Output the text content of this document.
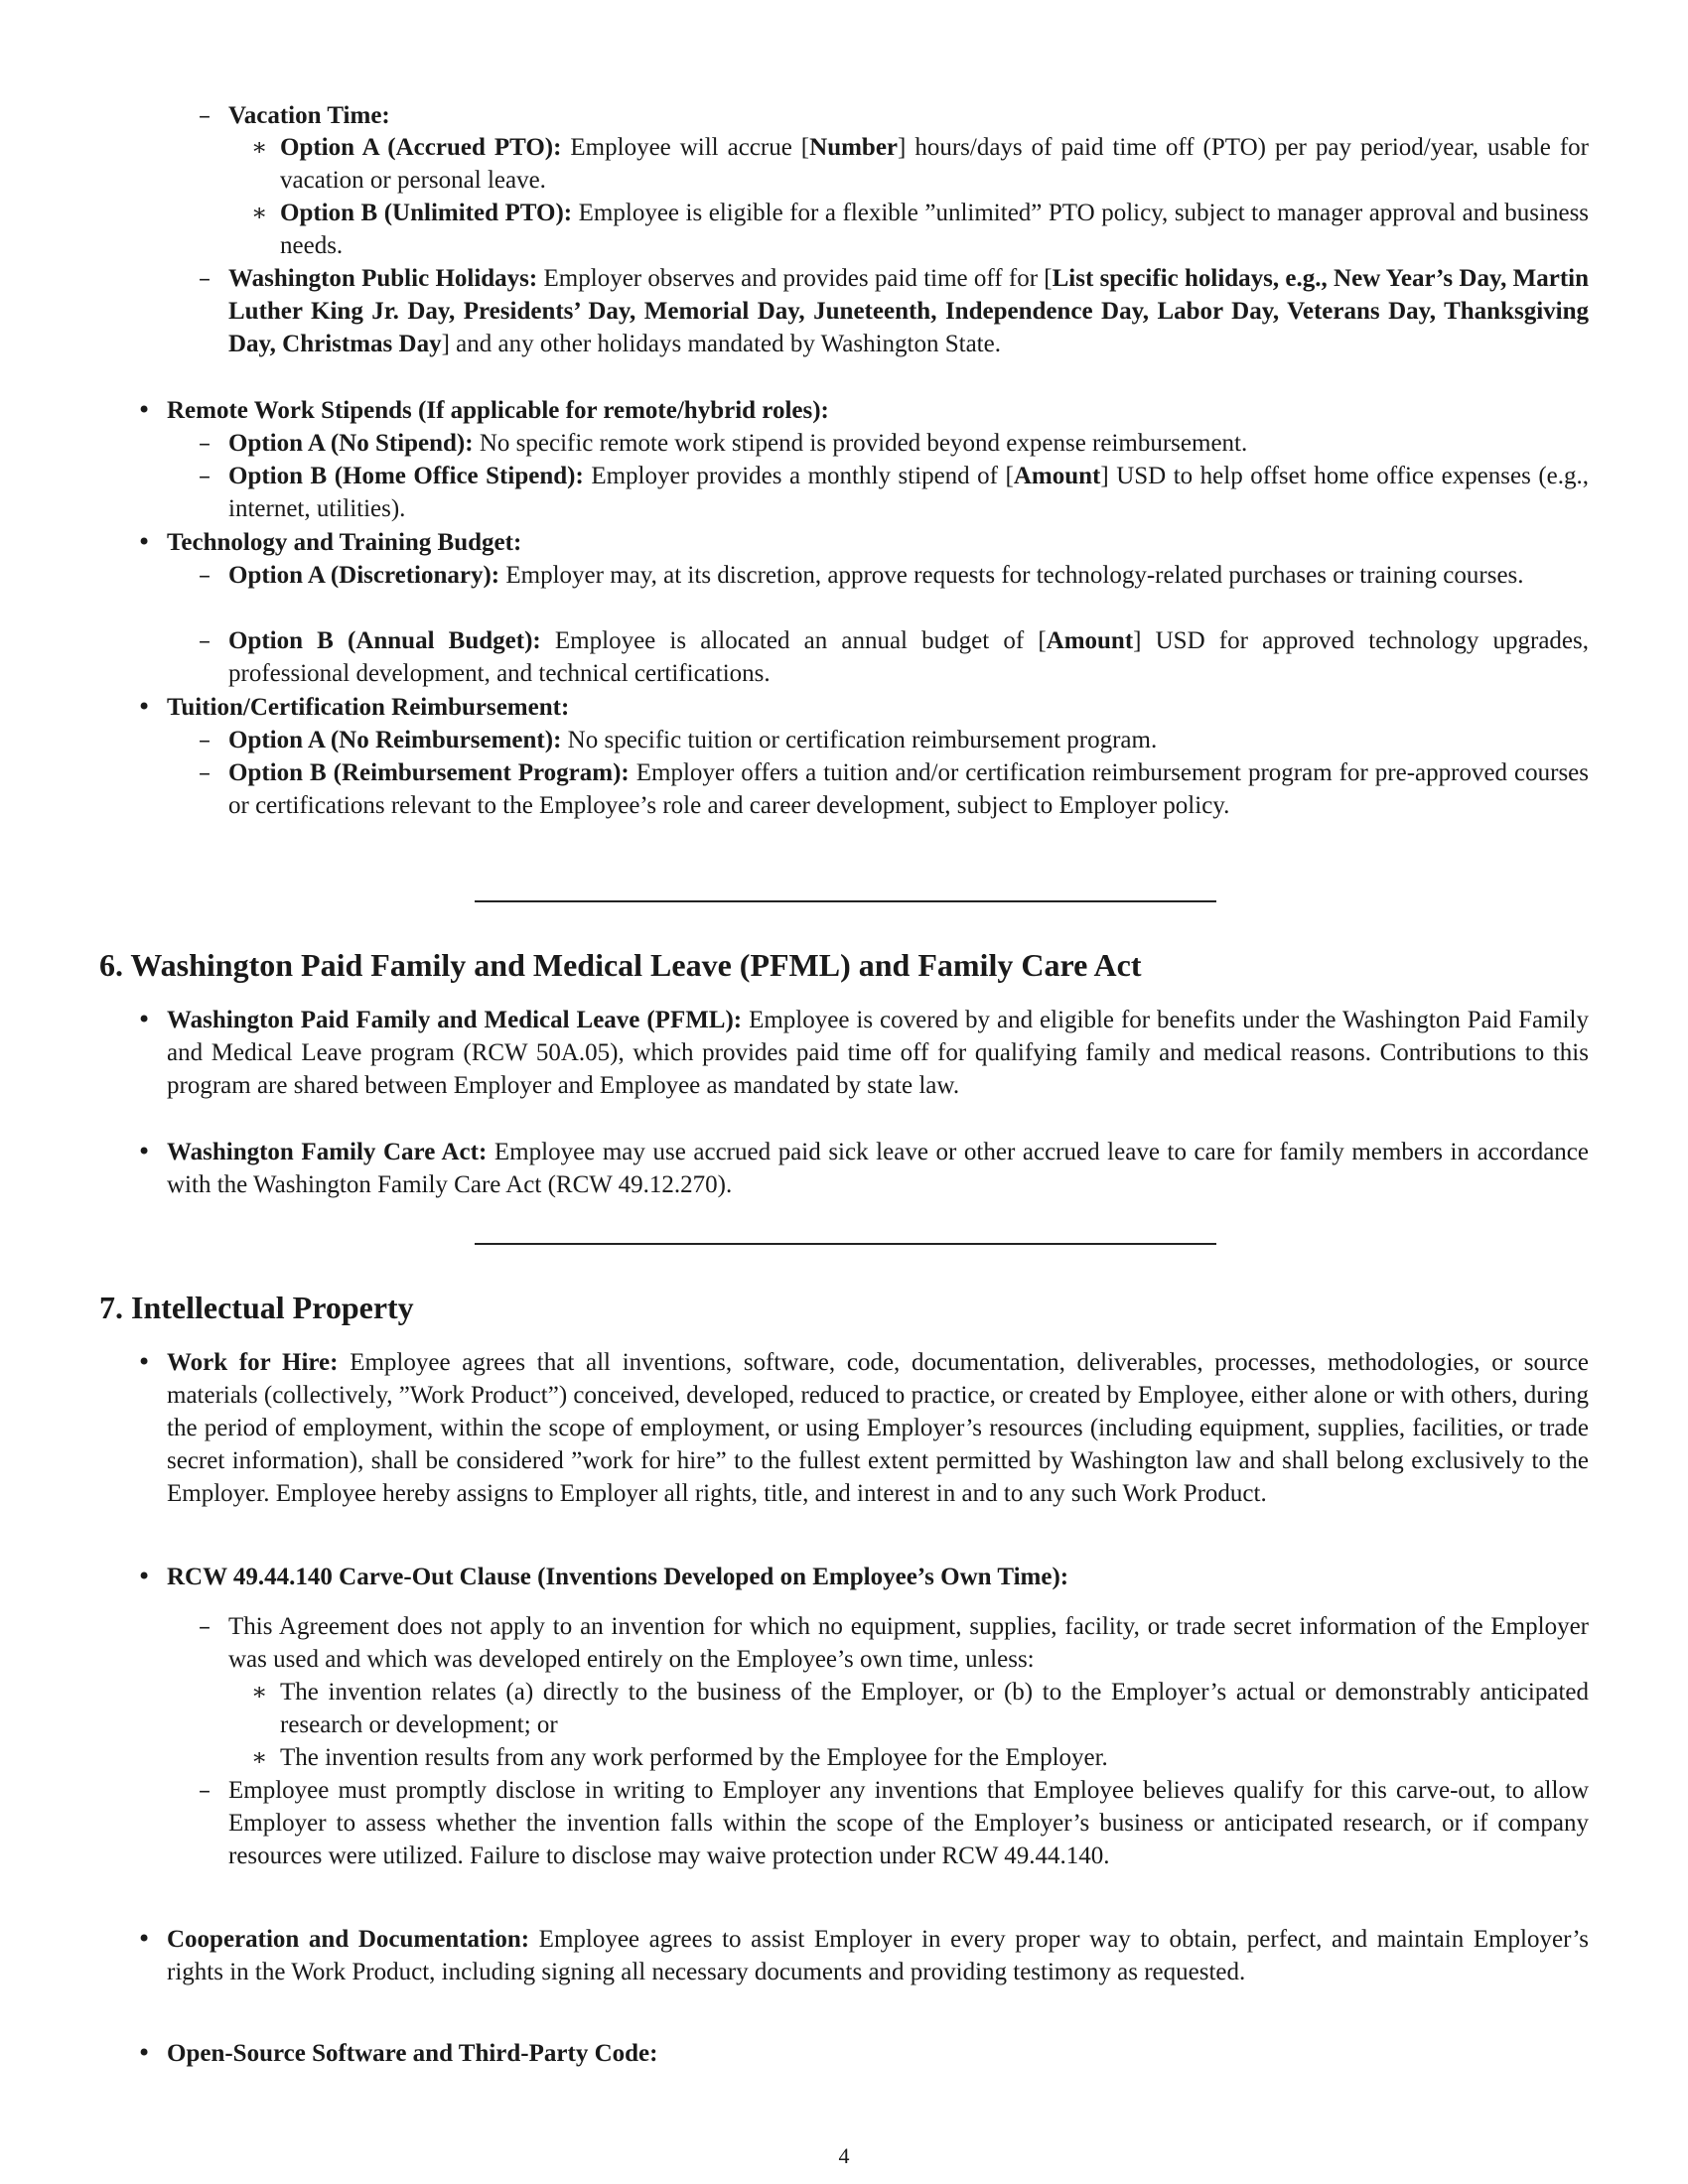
– Vacation Time:

∗ Option A (Accrued PTO): Employee will accrue [Number] hours/days of paid time off (PTO) per pay period/year, usable for vacation or personal leave.

∗ Option B (Unlimited PTO): Employee is eligible for a flexible ”unlimited” PTO policy, subject to manager approval and business needs.

– Washington Public Holidays: Employer observes and provides paid time off for [List specific holidays, e.g., New Year’s Day, Martin Luther King Jr. Day, Presidents’ Day, Memorial Day, Juneteenth, Independence Day, Labor Day, Veterans Day, Thanksgiving Day, Christmas Day] and any other holidays mandated by Washington State.

• Remote Work Stipends (If applicable for remote/hybrid roles):

– Option A (No Stipend): No specific remote work stipend is provided beyond expense reimbursement.

– Option B (Home Office Stipend): Employer provides a monthly stipend of [Amount] USD to help offset home office expenses (e.g., internet, utilities).

• Technology and Training Budget:

– Option A (Discretionary): Employer may, at its discretion, approve requests for technology-related purchases or training courses.

– Option B (Annual Budget): Employee is allocated an annual budget of [Amount] USD for approved technology upgrades, professional development, and technical certifications.

• Tuition/Certification Reimbursement:

– Option A (No Reimbursement): No specific tuition or certification reimbursement program.

– Option B (Reimbursement Program): Employer offers a tuition and/or certification reimbursement program for pre-approved courses or certifications relevant to the Employee’s role and career development, subject to Employer policy.

6. Washington Paid Family and Medical Leave (PFML) and Family Care Act
• Washington Paid Family and Medical Leave (PFML): Employee is covered by and eligible for benefits under the Washington Paid Family and Medical Leave program (RCW 50A.05), which provides paid time off for qualifying family and medical reasons. Contributions to this program are shared between Employer and Employee as mandated by state law.

• Washington Family Care Act: Employee may use accrued paid sick leave or other accrued leave to care for family members in accordance with the Washington Family Care Act (RCW 49.12.270).

7. Intellectual Property
• Work for Hire: Employee agrees that all inventions, software, code, documentation, deliverables, processes, methodologies, or source materials (collectively, ”Work Product”) conceived, developed, reduced to practice, or created by Employee, either alone or with others, during the period of employment, within the scope of employment, or using Employer’s resources (including equipment, supplies, facilities, or trade secret information), shall be considered ”work for hire” to the fullest extent permitted by Washington law and shall belong exclusively to the Employer. Employee hereby assigns to Employer all rights, title, and interest in and to any such Work Product.

• RCW 49.44.140 Carve-Out Clause (Inventions Developed on Employee’s Own Time):

– This Agreement does not apply to an invention for which no equipment, supplies, facility, or trade secret information of the Employer was used and which was developed entirely on the Employee’s own time, unless:

∗ The invention relates (a) directly to the business of the Employer, or (b) to the Employer’s actual or demonstrably anticipated research or development; or

∗ The invention results from any work performed by the Employee for the Employer.

– Employee must promptly disclose in writing to Employer any inventions that Employee believes qualify for this carve-out, to allow Employer to assess whether the invention falls within the scope of the Employer’s business or anticipated research, or if company resources were utilized. Failure to disclose may waive protection under RCW 49.44.140.

• Cooperation and Documentation: Employee agrees to assist Employer in every proper way to obtain, perfect, and maintain Employer’s rights in the Work Product, including signing all necessary documents and providing testimony as requested.

• Open-Source Software and Third-Party Code:

4
